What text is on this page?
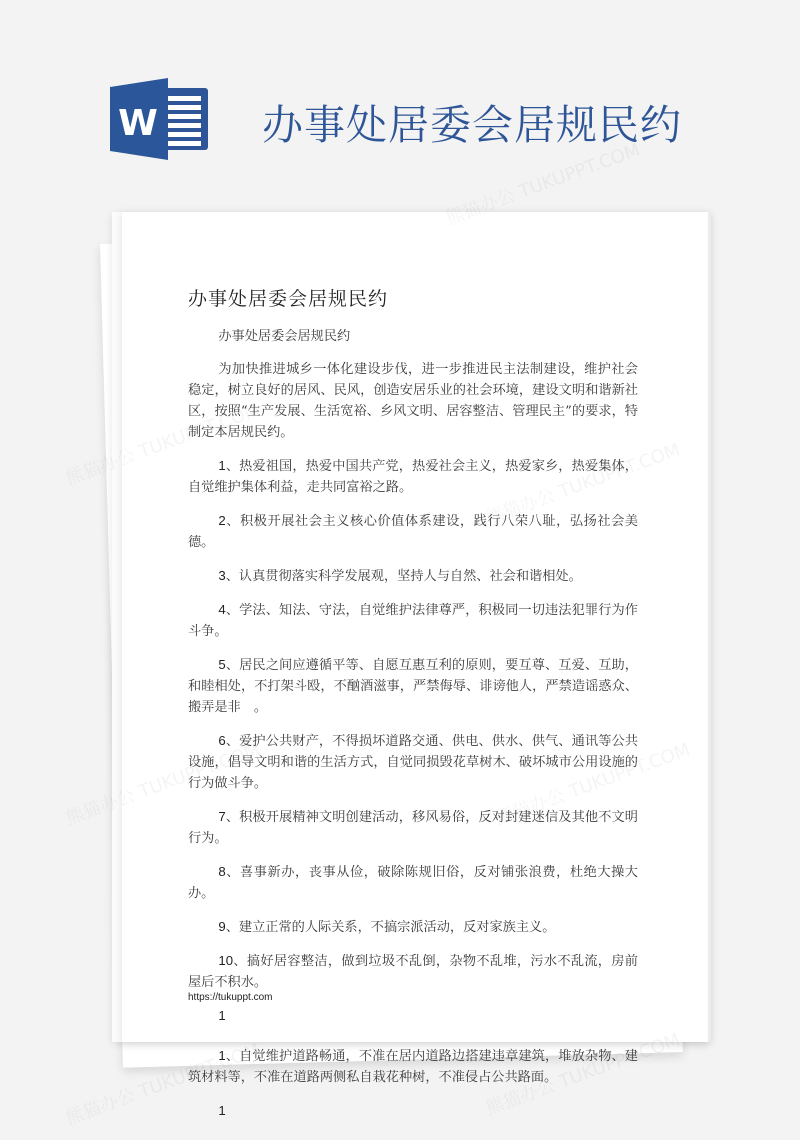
W	办事处居委会居规民约
办事处居委会居规民约

办事处居委会居规民约

为加快推进城乡一体化建设步伐，进一步推进民主法制建设，维护社会稳定，树立良好的居风、民风，创造安居乐业的社会环境，建设文明和谐新社区，按照“生产发展、生活宽裕、乡风文明、居容整洁、管理民主”的要求，特制定本居规民约。

1、热爱祖国，热爱中国共产党，热爱社会主义，热爱家乡，热爱集体，自觉维护集体利益，走共同富裕之路。

2、积极开展社会主义核心价值体系建设，践行八荣八耻，弘扬社会美德。

3、认真贯彻落实科学发展观，坚持人与自然、社会和谐相处。

4、学法、知法、守法，自觉维护法律尊严，积极同一切违法犯罪行为作斗争。

5、居民之间应遵循平等、自愿互惠互利的原则，要互尊、互爱、互助，和睦相处，不打架斗殴，不酗酒滋事，严禁侮辱、诽谤他人，严禁造谣惑众、搬弄是非　。

6、爱护公共财产，不得损坏道路交通、供电、供水、供气、通讯等公共设施，倡导文明和谐的生活方式，自觉同损毁花草树木、破坏城市公用设施的行为做斗争。

7、积极开展精神文明创建活动，移风易俗，反对封建迷信及其他不文明行为。

8、喜事新办，丧事从俭，破除陈规旧俗，反对铺张浪费，杜绝大操大办。

9、建立正常的人际关系，不搞宗派活动，反对家族主义。

10、搞好居容整洁，做到垃圾不乱倒，杂物不乱堆，污水不乱流，房前屋后不积水。

1

1、自觉维护道路畅通，不准在居内道路边搭建违章建筑，堆放杂物、建筑材料等，不准在道路两侧私自栽花种树，不准侵占公共路面。

1

https://tukuppt.com
